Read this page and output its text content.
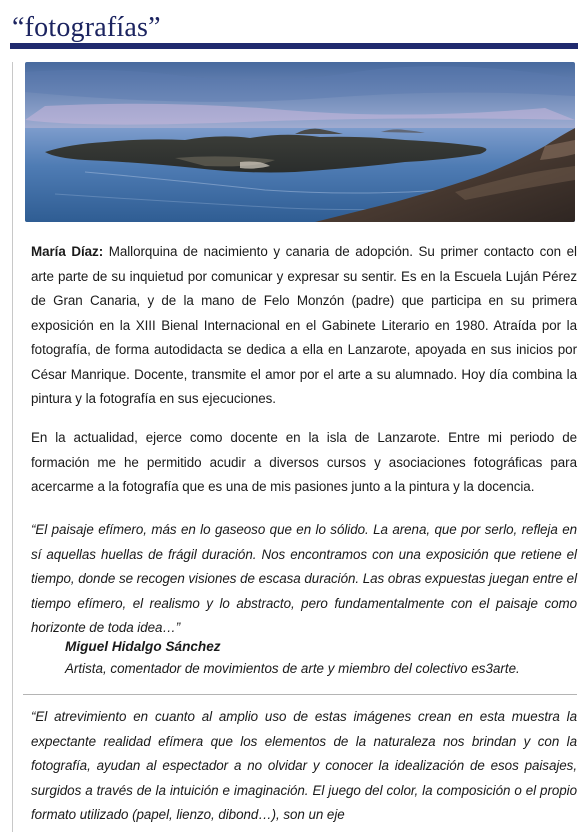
“fotografías”
María Díaz: Mallorquina de nacimiento y canaria de adopción. Su primer contacto con el arte parte de su inquietud por comunicar y expresar su sentir. Es en la Escuela Luján Pérez de Gran Canaria, y de la mano de Felo Monzón (padre) que participa en su primera exposición en la XIII Bienal Internacional en el Gabinete Literario en 1980. Atraída por la fotografía, de forma autodidacta se dedica a ella en Lanzarote, apoyada en sus inicios por César Manrique. Docente, transmite el amor por el arte a su alumnado. Hoy día combina la pintura y la fotografía en sus ejecuciones.
En la actualidad, ejerce como docente en la isla de Lanzarote. Entre mi periodo de formación me he permitido acudir a diversos cursos y asociaciones fotográficas para acercarme a la fotografía que es una de mis pasiones junto a la pintura y la docencia.
“El paisaje efímero, más en lo gaseoso que en lo sólido. La arena, que por serlo, refleja en sí aquellas huellas de frágil duración. Nos encontramos con una exposición que retiene el tiempo, donde se recogen visiones de escasa duración. Las obras expuestas juegan entre el tiempo efímero, el realismo y lo abstracto, pero fundamentalmente con el paisaje como horizonte de toda idea…”
Miguel Hidalgo Sánchez
Artista, comentador de movimientos de arte y miembro del colectivo es3arte.
“El atrevimiento en cuanto al amplio uso de estas imágenes crean en esta muestra la expectante realidad efímera que los elementos de la naturaleza nos brindan y con la fotografía, ayudan al espectador a no olvidar y conocer la idealización de esos paisajes, surgidos a través de la intuición e imaginación. El juego del color, la composición o el propio formato utilizado (papel, lienzo, dibond…), son un eje
